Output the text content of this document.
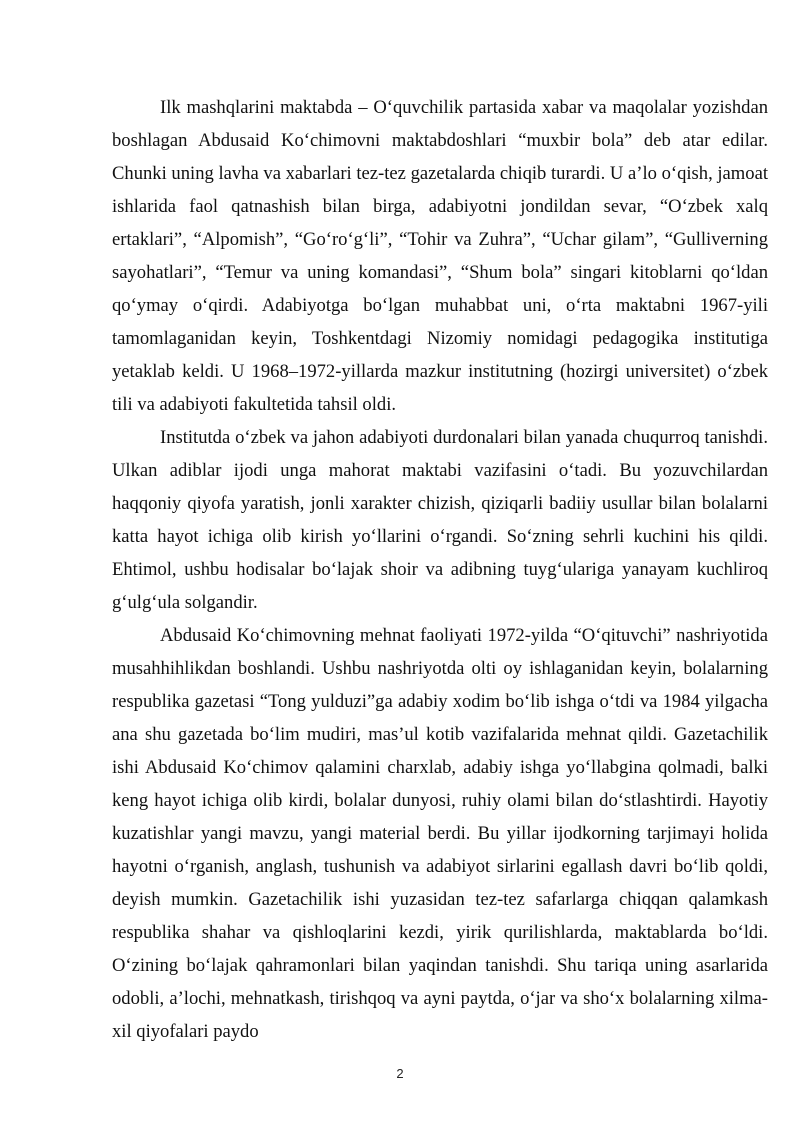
Ilk mashqlarini maktabda – O‘quvchilik partasida xabar va maqolalar yozishdan boshlagan Abdusaid Ko‘chimovni maktabdoshlari “muxbir bola” deb atar edilar. Chunki uning lavha va xabarlari tez-tez gazetalarda chiqib turardi. U a’lo o‘qish, jamoat ishlarida faol qatnashish bilan birga, adabiyotni jondildan sevar, “O‘zbek xalq ertaklari”, “Alpomish”, “Go‘ro‘g‘li”, “Tohir va Zuhra”, “Uchar gilam”, “Gulliverning sayohatlari”, “Temur va uning komandasi”, “Shum bola” singari kitoblarni qo‘ldan qo‘ymay o‘qirdi. Adabiyotga bo‘lgan muhabbat uni, o‘rta maktabni 1967-yili tamomlaganidan keyin, Toshkentdagi Nizomiy nomidagi pedagogika institutiga yetaklab keldi. U 1968–1972-yillarda mazkur institutning (hozirgi universitet) o‘zbek tili va adabiyoti fakultetida tahsil oldi.

Institutda o‘zbek va jahon adabiyoti durdonalari bilan yanada chuqurroq tanishdi. Ulkan adiblar ijodi unga mahorat maktabi vazifasini o‘tadi. Bu yozuvchilardan haqqoniy qiyofa yaratish, jonli xarakter chizish, qiziqarli badiiy usullar bilan bolalarni katta hayot ichiga olib kirish yo‘llarini o‘rgandi. So‘zning sehrli kuchini his qildi. Ehtimol, ushbu hodisalar bo‘lajak shoir va adibning tuyg‘ulariga yanayam kuchliroq g‘ulg‘ula solgandir.

Abdusaid Ko‘chimovning mehnat faoliyati 1972-yilda “O‘qituvchi” nashriyotida musahhihlikdan boshlandi. Ushbu nashriyotda olti oy ishlaganidan keyin, bolalarning respublika gazetasi “Tong yulduzi”ga adabiy xodim bo‘lib ishga o‘tdi va 1984 yilgacha ana shu gazetada bo‘lim mudiri, mas’ul kotib vazifalarida mehnat qildi. Gazetachilik ishi Abdusaid Ko‘chimov qalamini charxlab, adabiy ishga yo‘llabgina qolmadi, balki keng hayot ichiga olib kirdi, bolalar dunyosi, ruhiy olami bilan do‘stlashtirdi. Hayotiy kuzatishlar yangi mavzu, yangi material berdi. Bu yillar ijodkorning tarjimayi holida hayotni o‘rganish, anglash, tushunish va adabiyot sirlarini egallash davri bo‘lib qoldi, deyish mumkin. Gazetachilik ishi yuzasidan tez-tez safarlarga chiqqan qalamkash respublika shahar va qishloqlarini kezdi, yirik qurilishlarda, maktablarda bo‘ldi. O‘zining bo‘lajak qahramonlari bilan yaqindan tanishdi. Shu tariqa uning asarlarida odobli, a’lochi, mehnatkash, tirishqoq va ayni paytda, o‘jar va sho‘x bolalarning xilma-xil qiyofalari paydo

2
